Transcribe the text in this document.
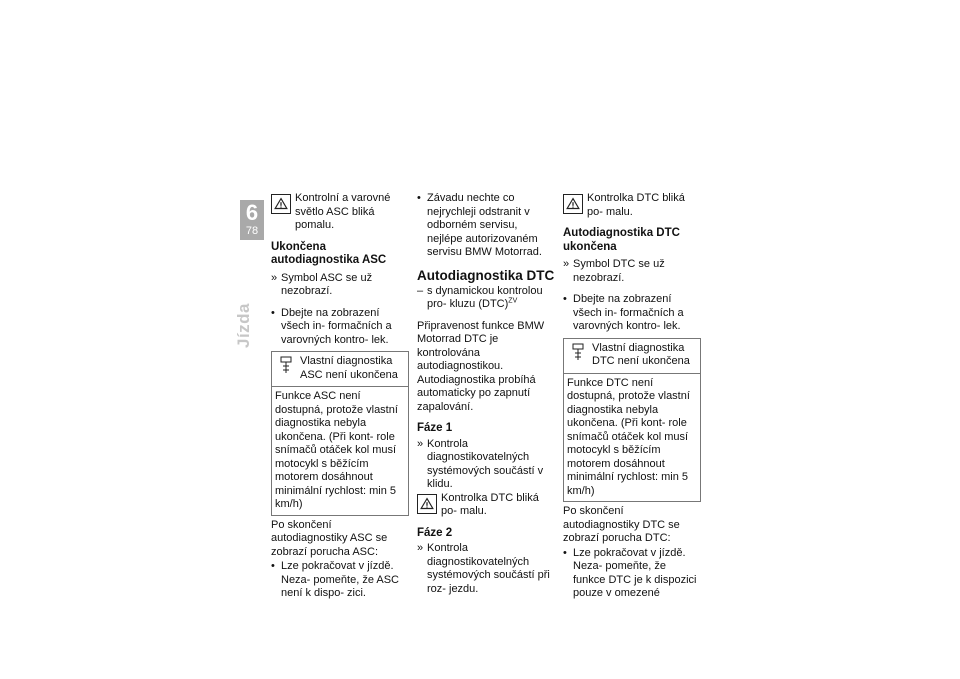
6
78
Jízda

Kontrolní a varovné světlo ASC bliká pomalu.

Ukončena autodiagnostika ASC

» Symbol ASC se už nezobrazí.

• Dbejte na zobrazení všech in- formačních a varovných kontro- lek.

Vlastní diagnostika ASC není ukončena

Funkce ASC není dostupná, protože vlastní diagnostika nebyla ukončena. (Při kont- role snímačů otáček kol musí motocykl s běžícím motorem dosáhnout minimální rychlost: min 5 km/h)

Po skončení autodiagnostiky ASC se zobrazí porucha ASC:

• Lze pokračovat v jízdě. Neza- pomeňte, že ASC není k dispo- zici.

• Závadu nechte co nejrychleji odstranit v odborném servisu, nejlépe autorizovaném servisu BMW Motorrad.

Autodiagnostika DTC

– s dynamickou kontrolou pro- kluzu (DTC)$^{ZV}$

Připravenost funkce BMW Motorrad DTC je kontrolována autodiagnostikou. Autodiagnostika probíhá automaticky po zapnutí zapalování.

Fáze 1

» Kontrola diagnostikovatelných systémových součástí v klidu.

Kontrolka DTC bliká po- malu.

Fáze 2

» Kontrola diagnostikovatelných systémových součástí při roz- jezdu.

Kontrolka DTC bliká po- malu.

Autodiagnostika DTC ukončena

» Symbol DTC se už nezobrazí.

• Dbejte na zobrazení všech in- formačních a varovných kontro- lek.

Vlastní diagnostika DTC není ukončena

Funkce DTC není dostupná, protože vlastní diagnostika nebyla ukončena. (Při kont- role snímačů otáček kol musí motocykl s běžícím motorem dosáhnout minimální rychlost: min 5 km/h)

Po skončení autodiagnostiky DTC se zobrazí porucha DTC:

• Lze pokračovat v jízdě. Neza- pomeňte, že funkce DTC je k dispozici pouze v omezené
